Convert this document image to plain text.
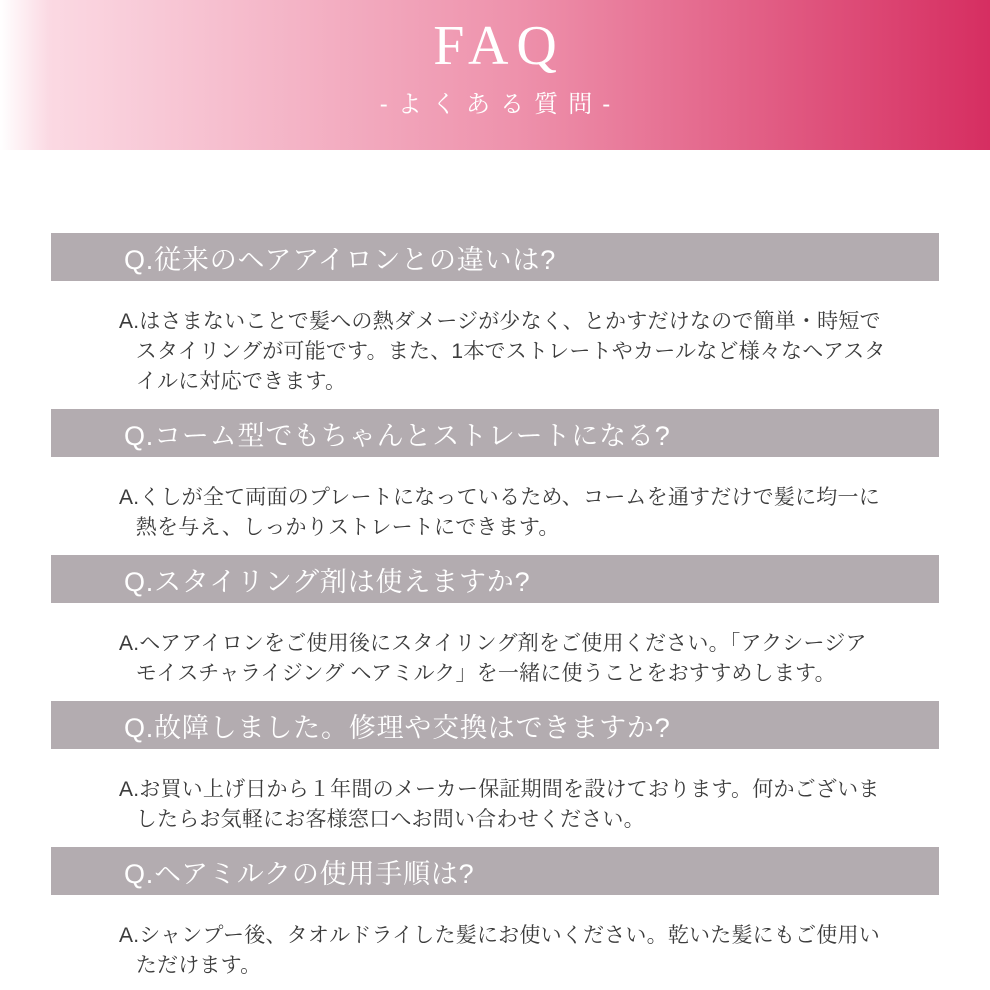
FAQ
-よくある質問-
Q.従来のヘアアイロンとの違いは?

A.はさまないことで髪への熱ダメージが少なく、とかすだけなので簡単・時短でスタイリングが可能です。また、1本でストレートやカールなど様々なヘアスタイルに対応できます。

Q.コーム型でもちゃんとストレートになる?

A.くしが全て両面のプレートになっているため、コームを通すだけで髪に均一に熱を与え、しっかりストレートにできます。

Q.スタイリング剤は使えますか?

A.ヘアアイロンをご使用後にスタイリング剤をご使用ください。「アクシージア モイスチャライジング ヘアミルク」を一緒に使うことをおすすめします。

Q.故障しました。修理や交換はできますか?

A.お買い上げ日から１年間のメーカー保証期間を設けております。何かございましたらお気軽にお客様窓口へお問い合わせください。

Q.ヘアミルクの使用手順は?

A.シャンプー後、タオルドライした髪にお使いください。乾いた髪にもご使用いただけます。
